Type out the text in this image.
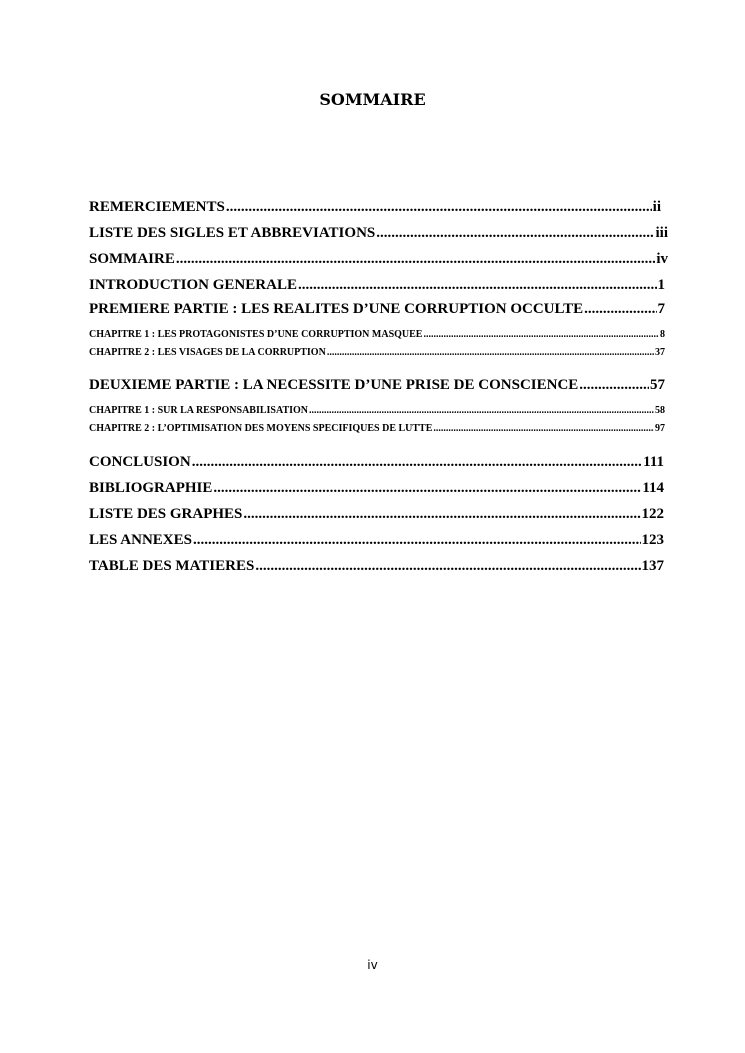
SOMMAIRE
REMERCIEMENTS .....	ii
LISTE DES SIGLES ET ABBREVIATIONS .....	iii
SOMMAIRE .....	iv
INTRODUCTION GENERALE .....	1
PREMIERE PARTIE : LES REALITES D’UNE CORRUPTION OCCULTE .....	7
CHAPITRE 1 : LES PROTAGONISTES D’UNE CORRUPTION MASQUEE .....	8
CHAPITRE 2 : LES VISAGES DE LA CORRUPTION .....	37
DEUXIEME PARTIE : LA NECESSITE D’UNE PRISE DE CONSCIENCE .....	57
CHAPITRE 1 : SUR LA RESPONSABILISATION .....	58
CHAPITRE 2 : L’OPTIMISATION DES MOYENS SPECIFIQUES DE LUTTE .....	97
CONCLUSION .....	111
BIBLIOGRAPHIE .....	114
LISTE DES GRAPHES .....	122
LES ANNEXES .....	123
TABLE DES MATIERES .....	137
iv
